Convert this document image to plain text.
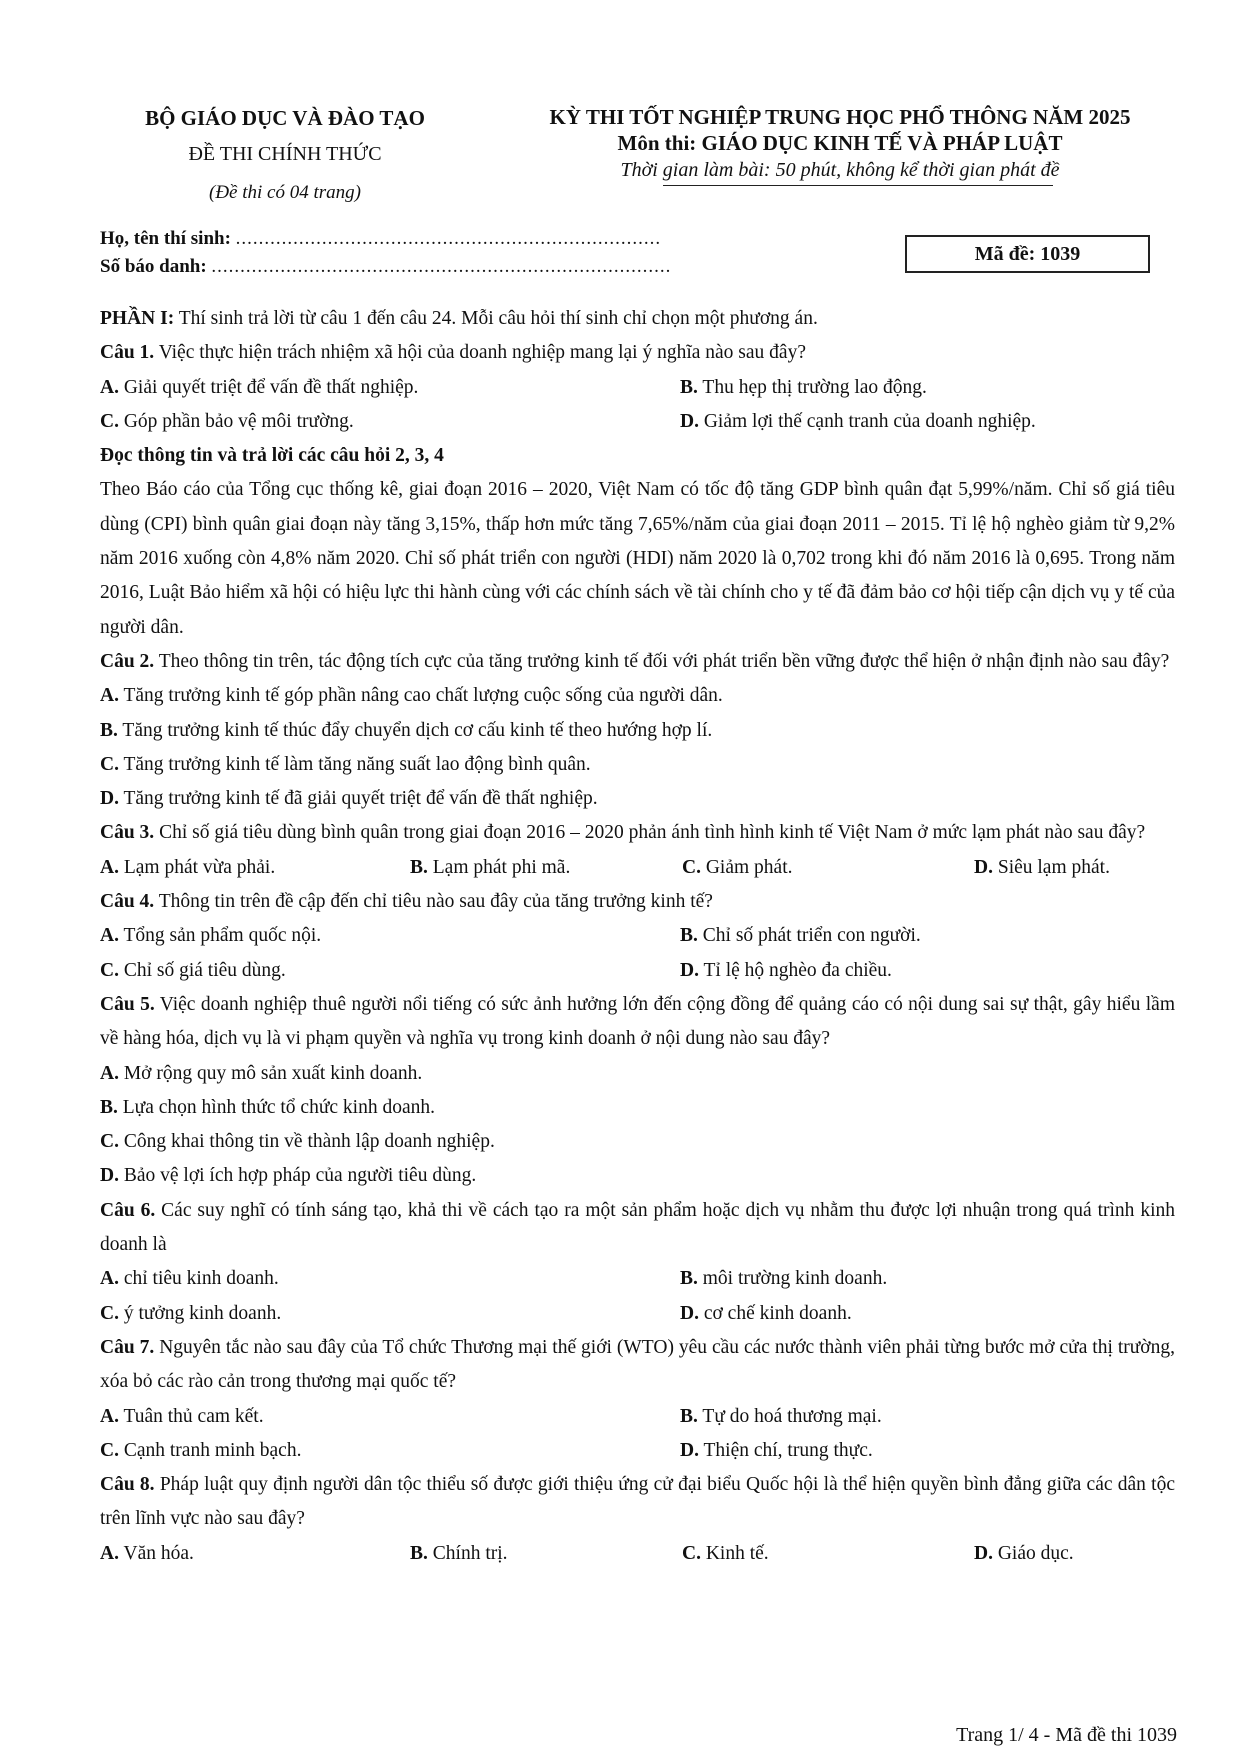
BỘ GIÁO DỤC VÀ ĐÀO TẠO
ĐỀ THI CHÍNH THỨC
(Đề thi có 04 trang)
KỲ THI TỐT NGHIỆP TRUNG HỌC PHỔ THÔNG NĂM 2025
Môn thi: GIÁO DỤC KINH TẾ VÀ PHÁP LUẬT
Thời gian làm bài: 50 phút, không kể thời gian phát đề
Họ, tên thí sinh: ..........................................................................
Số báo danh: ................................................................................
Mã đề: 1039

PHẦN I: Thí sinh trả lời từ câu 1 đến câu 24. Mỗi câu hỏi thí sinh chỉ chọn một phương án.

Câu 1. Việc thực hiện trách nhiệm xã hội của doanh nghiệp mang lại ý nghĩa nào sau đây?

A. Giải quyết triệt để vấn đề thất nghiệp.	B. Thu hẹp thị trường lao động.
C. Góp phần bảo vệ môi trường.	D. Giảm lợi thế cạnh tranh của doanh nghiệp.

Đọc thông tin và trả lời các câu hỏi 2, 3, 4

Theo Báo cáo của Tổng cục thống kê, giai đoạn 2016 – 2020, Việt Nam có tốc độ tăng GDP bình quân đạt 5,99%/năm. Chỉ số giá tiêu dùng (CPI) bình quân giai đoạn này tăng 3,15%, thấp hơn mức tăng 7,65%/năm của giai đoạn 2011 – 2015. Tỉ lệ hộ nghèo giảm từ 9,2% năm 2016 xuống còn 4,8% năm 2020. Chỉ số phát triển con người (HDI) năm 2020 là 0,702 trong khi đó năm 2016 là 0,695. Trong năm 2016, Luật Bảo hiểm xã hội có hiệu lực thi hành cùng với các chính sách về tài chính cho y tế đã đảm bảo cơ hội tiếp cận dịch vụ y tế của người dân.

Câu 2. Theo thông tin trên, tác động tích cực của tăng trưởng kinh tế đối với phát triển bền vững được thể hiện ở nhận định nào sau đây?

A. Tăng trưởng kinh tế góp phần nâng cao chất lượng cuộc sống của người dân.

B. Tăng trưởng kinh tế thúc đẩy chuyển dịch cơ cấu kinh tế theo hướng hợp lí.

C. Tăng trưởng kinh tế làm tăng năng suất lao động bình quân.

D. Tăng trưởng kinh tế đã giải quyết triệt để vấn đề thất nghiệp.

Câu 3. Chỉ số giá tiêu dùng bình quân trong giai đoạn 2016 – 2020 phản ánh tình hình kinh tế Việt Nam ở mức lạm phát nào sau đây?

A. Lạm phát vừa phải.	B. Lạm phát phi mã.	C. Giảm phát.	D. Siêu lạm phát.

Câu 4. Thông tin trên đề cập đến chỉ tiêu nào sau đây của tăng trưởng kinh tế?

A. Tổng sản phẩm quốc nội.	B. Chỉ số phát triển con người.
C. Chỉ số giá tiêu dùng.	D. Tỉ lệ hộ nghèo đa chiều.

Câu 5. Việc doanh nghiệp thuê người nổi tiếng có sức ảnh hưởng lớn đến cộng đồng để quảng cáo có nội dung sai sự thật, gây hiểu lầm về hàng hóa, dịch vụ là vi phạm quyền và nghĩa vụ trong kinh doanh ở nội dung nào sau đây?

A. Mở rộng quy mô sản xuất kinh doanh.

B. Lựa chọn hình thức tổ chức kinh doanh.

C. Công khai thông tin về thành lập doanh nghiệp.

D. Bảo vệ lợi ích hợp pháp của người tiêu dùng.

Câu 6. Các suy nghĩ có tính sáng tạo, khả thi về cách tạo ra một sản phẩm hoặc dịch vụ nhằm thu được lợi nhuận trong quá trình kinh doanh là

A. chỉ tiêu kinh doanh.	B. môi trường kinh doanh.
C. ý tưởng kinh doanh.	D. cơ chế kinh doanh.

Câu 7. Nguyên tắc nào sau đây của Tổ chức Thương mại thế giới (WTO) yêu cầu các nước thành viên phải từng bước mở cửa thị trường, xóa bỏ các rào cản trong thương mại quốc tế?

A. Tuân thủ cam kết.	B. Tự do hoá thương mại.
C. Cạnh tranh minh bạch.	D. Thiện chí, trung thực.

Câu 8. Pháp luật quy định người dân tộc thiểu số được giới thiệu ứng cử đại biểu Quốc hội là thể hiện quyền bình đẳng giữa các dân tộc trên lĩnh vực nào sau đây?

A. Văn hóa.	B. Chính trị.	C. Kinh tế.	D. Giáo dục.
Trang 1/ 4 - Mã đề thi 1039
